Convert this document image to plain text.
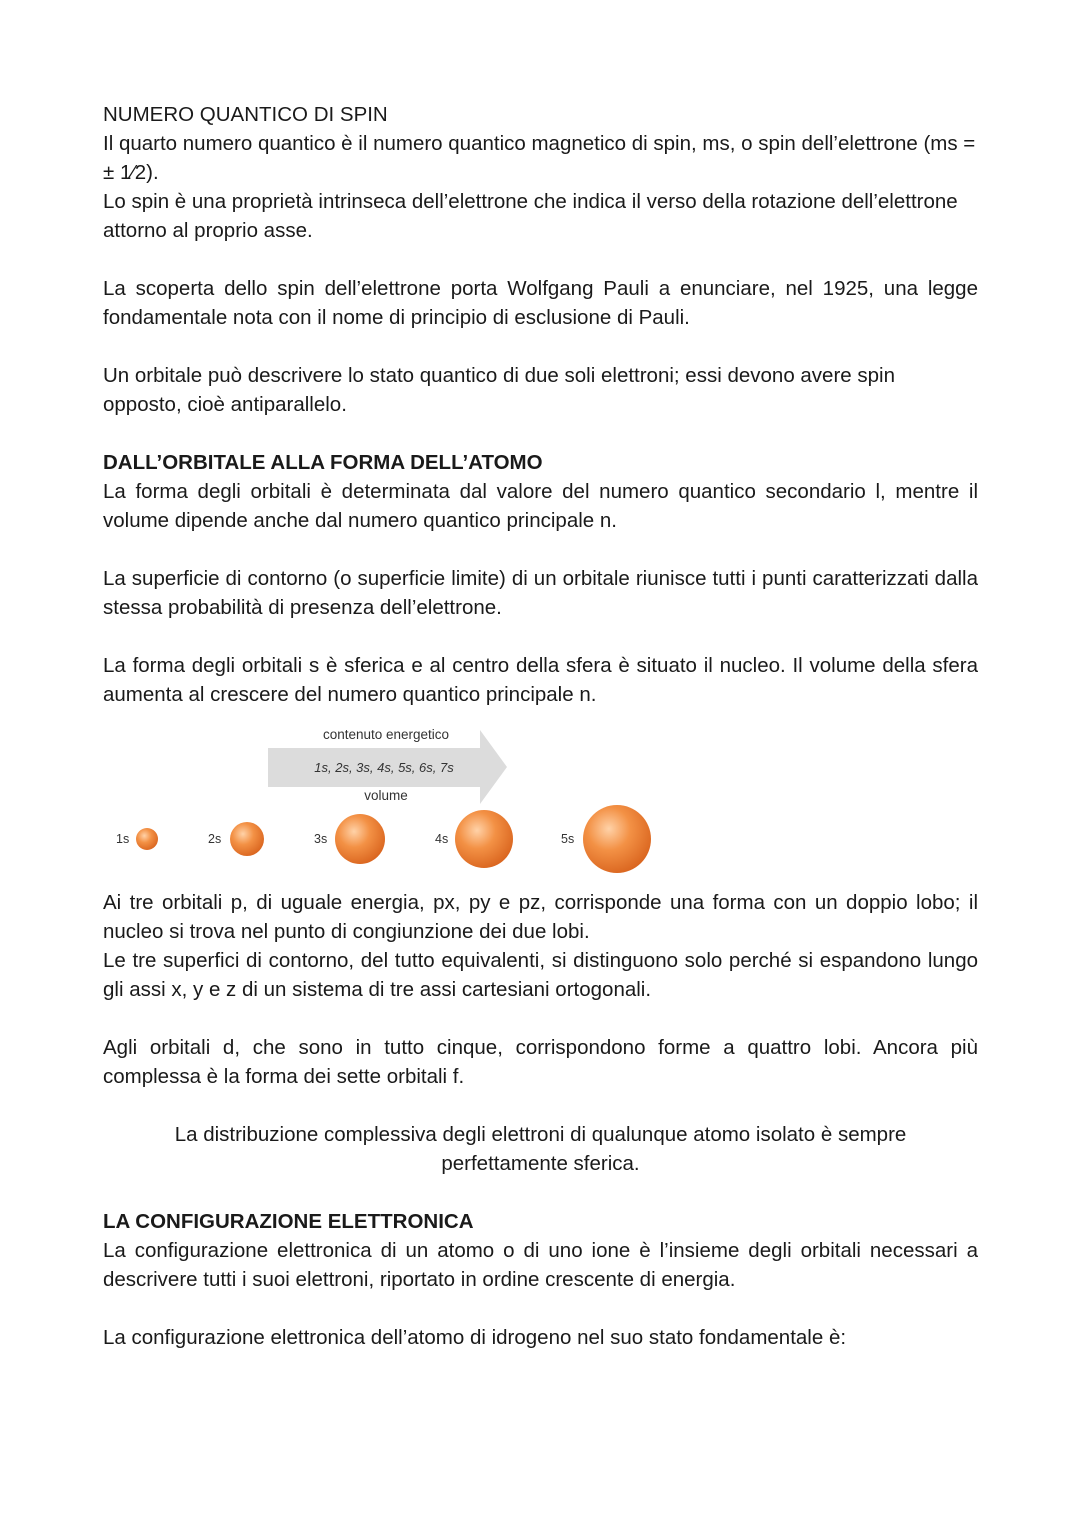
NUMERO QUANTICO DI SPIN

Il quarto numero quantico è il numero quantico magnetico di spin, ms, o spin dell’elettrone (ms = ± 1⁄2).

Lo spin è una proprietà intrinseca dell’elettrone che indica il verso della rotazione dell’elettrone attorno al proprio asse.

La scoperta dello spin dell’elettrone porta Wolfgang Pauli a enunciare, nel 1925, una legge fondamentale nota con il nome di principio di esclusione di Pauli.

Un orbitale può descrivere lo stato quantico di due soli elettroni; essi devono avere spin opposto, cioè antiparallelo.

DALL’ORBITALE ALLA FORMA DELL’ATOMO

La forma degli orbitali è determinata dal valore del numero quantico secondario l, mentre il volume dipende anche dal numero quantico principale n.

La superficie di contorno (o superficie limite) di un orbitale riunisce tutti i punti caratterizzati dalla stessa probabilità di presenza dell’elettrone.

La forma degli orbitali s è sferica e al centro della sfera è situato il nucleo. Il volume della sfera aumenta al crescere del numero quantico principale n.

contenuto energetico
1s, 2s, 3s, 4s, 5s, 6s, 7s
volume
1s	2s	3s	4s	5s

Ai tre orbitali p, di uguale energia, px, py e pz, corrisponde una forma con un doppio lobo; il nucleo si trova nel punto di congiunzione dei due lobi.

Le tre superfici di contorno, del tutto equivalenti, si distinguono solo perché si espandono lungo gli assi x, y e z di un sistema di tre assi cartesiani ortogonali.

Agli orbitali d, che sono in tutto cinque, corrispondono forme a quattro lobi. Ancora più complessa è la forma dei sette orbitali f.

La distribuzione complessiva degli elettroni di qualunque atomo isolato è sempre perfettamente sferica.

LA CONFIGURAZIONE ELETTRONICA

La configurazione elettronica di un atomo o di uno ione è l’insieme degli orbitali necessari a descrivere tutti i suoi elettroni, riportato in ordine crescente di energia.

La configurazione elettronica dell’atomo di idrogeno nel suo stato fondamentale è:
